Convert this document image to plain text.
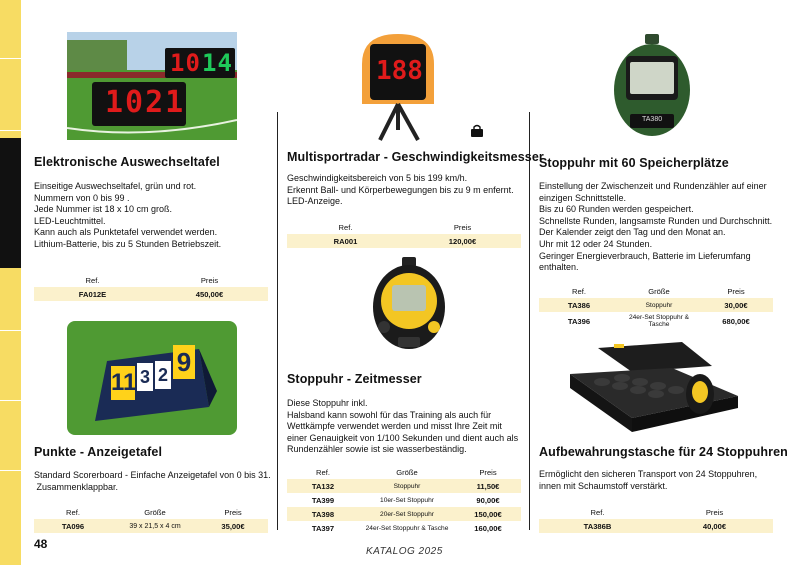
10 14
1021
Elektronische Auswechseltafel
Einseitige Auswechseltafel, grün und rot.
Nummern von 0 bis 99 .
Jede Nummer ist 18 x 10 cm groß.
LED-Leuchtmittel.
Kann auch als Punktetafel verwendet werden.
Lithium-Batterie, bis zu 5 Stunden Betriebszeit.
Ref.	Preis
FA012E	450,00€
11 3 2 9
Punkte - Anzeigetafel
Standard Scorerboard - Einfache Anzeigetafel von 0 bis 31.
Zusammenklappbar.
Ref.	Größe	Preis
TA096	39 x 21,5 x 4 cm	35,00€
188
Multisportradar - Geschwindigkeitsmesser
Geschwindigkeitsbereich von 5 bis 199 km/h.
Erkennt Ball- und Körperbewegungen bis zu 9 m enfernt.
LED-Anzeige.
Ref.	Preis
RA001	120,00€
Stoppuhr - Zeitmesser
Diese Stoppuhr inkl.
Halsband kann sowohl für das Training als auch für
Wettkämpfe verwendet werden und misst Ihre Zeit mit
einer Genauigkeit von 1/100 Sekunden und dient auch als
Rundenzähler sowie ist sie wasserbeständig.
Ref.	Größe	Preis
TA132	Stoppuhr	11,50€
TA399	10er-Set Stoppuhr	90,00€
TA398	20er-Set Stoppuhr	150,00€
TA397	24er-Set Stoppuhr & Tasche	160,00€
TA380
Stoppuhr mit 60 Speicherplätze
Einstellung der Zwischenzeit und Rundenzähler auf einer
einzigen Schnittstelle.
Bis zu 60 Runden werden gespeichert.
Schnellste Runden, langsamste Runden und Durchschnitt.
Der Kalender zeigt den Tag und den Monat an.
Uhr mit 12 oder 24 Stunden.
Geringer Energieverbrauch, Batterie im Lieferumfang
enthalten.
Ref.	Größe	Preis
TA386	Stoppuhr	30,00€
TA396	24er-Set Stoppuhr & Tasche	680,00€
Aufbewahrungstasche für 24 Stoppuhren
Ermöglicht den sicheren Transport von 24 Stoppuhren,
innen mit Schaumstoff verstärkt.
Ref.	Preis
TA386B	40,00€
48
KATALOG 2025
